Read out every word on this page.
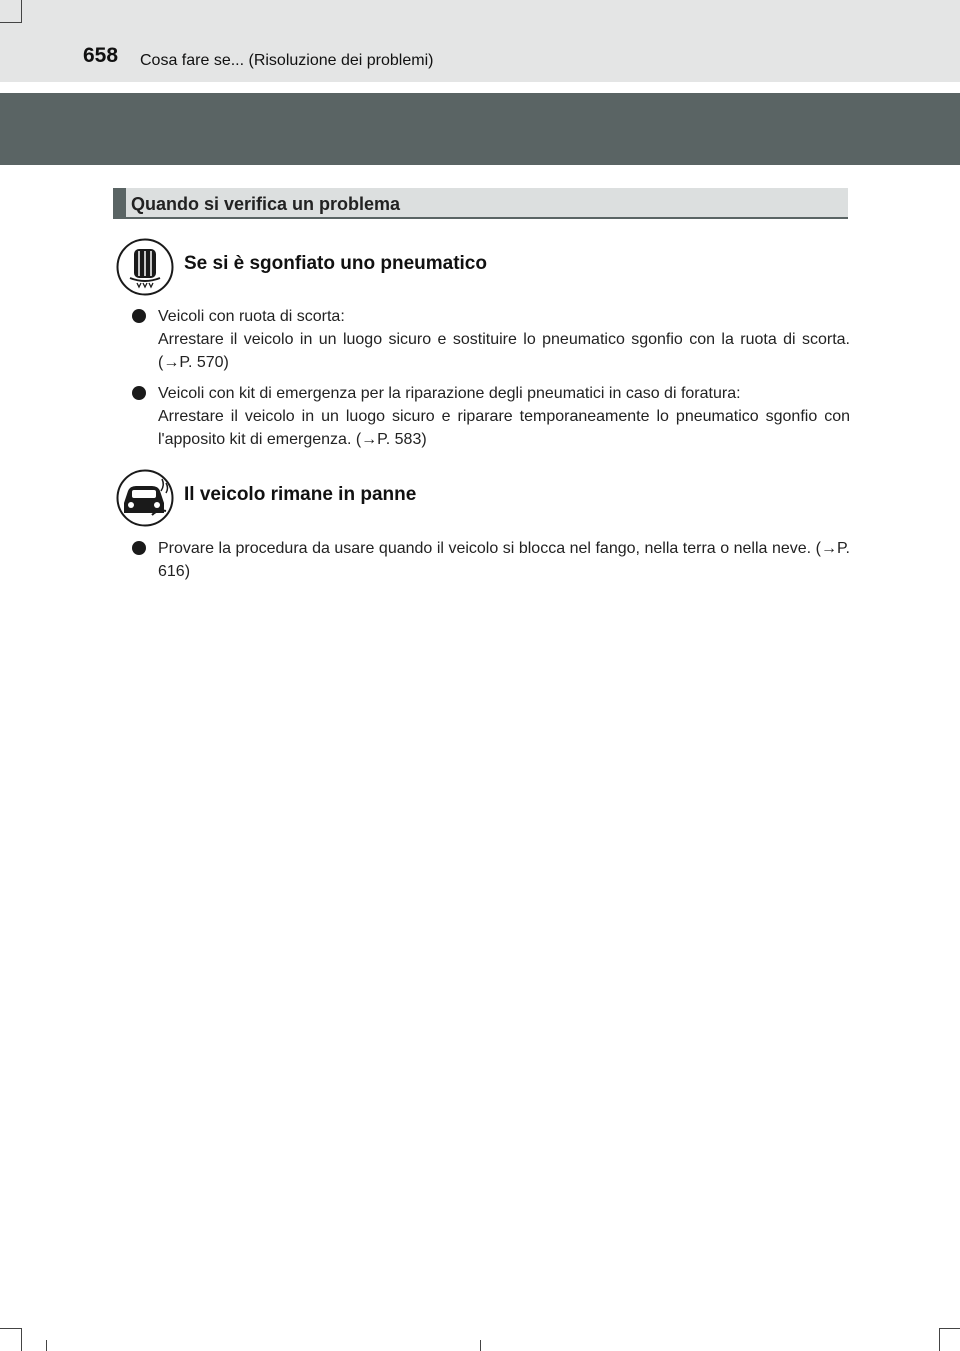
658 Cosa fare se... (Risoluzione dei problemi)
Quando si verifica un problema
Se si è sgonfiato uno pneumatico
Veicoli con ruota di scorta:
Arrestare il veicolo in un luogo sicuro e sostituire lo pneumatico sgonfio con la ruota di scorta. (→P. 570)
Veicoli con kit di emergenza per la riparazione degli pneumatici in caso di foratura:
Arrestare il veicolo in un luogo sicuro e riparare temporaneamente lo pneumatico sgonfio con l'apposito kit di emergenza. (→P. 583)
Il veicolo rimane in panne
Provare la procedura da usare quando il veicolo si blocca nel fango, nella terra o nella neve. (→P. 616)
